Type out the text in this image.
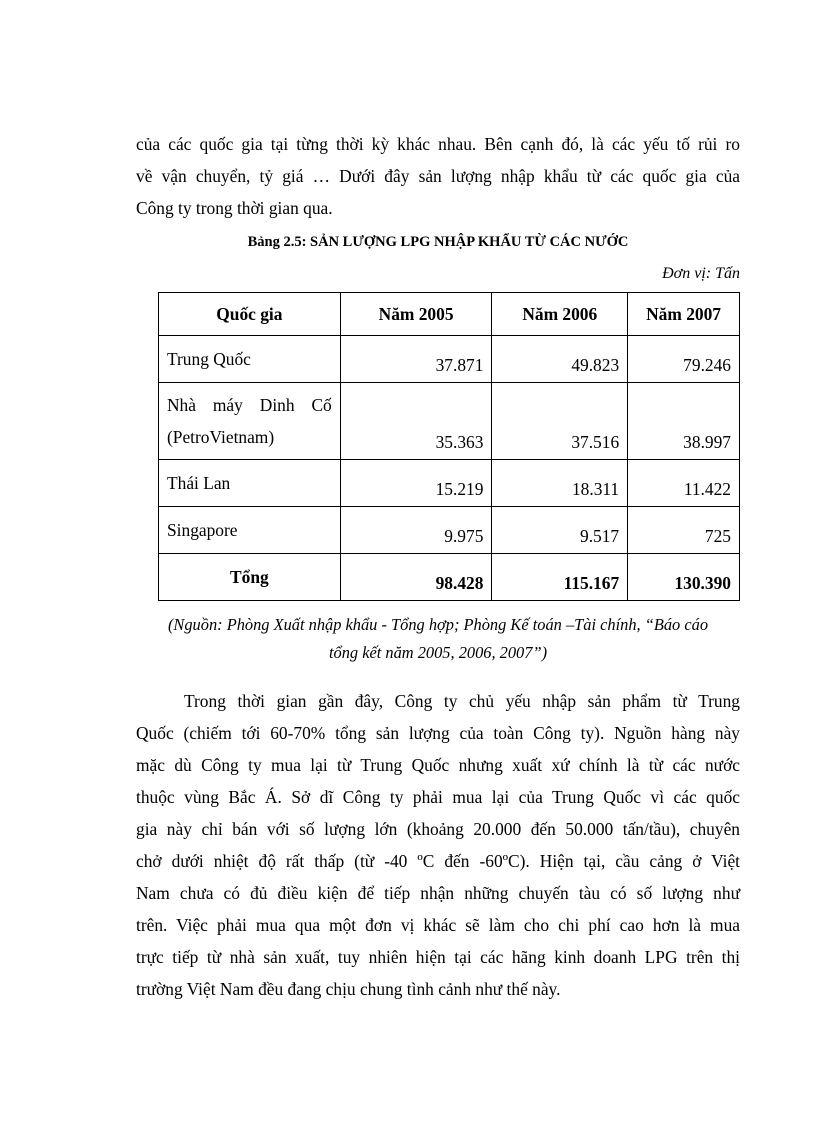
của các quốc gia tại từng thời kỳ khác nhau. Bên cạnh đó, là các yếu tố rủi ro
về vận chuyển, tỷ giá … Dưới đây sản lượng nhập khẩu từ các quốc gia của
Công ty trong thời gian qua.

Bảng 2.5: SẢN LƯỢNG LPG NHẬP KHẨU TỪ CÁC NƯỚC

Đơn vị: Tấn

Quốc gia	Năm 2005	Năm 2006	Năm 2007
Trung Quốc	37.871	49.823	79.246

Nhà máy Dinh Cố
(PetroVietnam)	35.363	37.516	38.997
Thái Lan	15.219	18.311	11.422
Singapore	9.975	9.517	725
Tổng	98.428	115.167	130.390
(Nguồn: Phòng Xuất nhập khẩu - Tổng hợp; Phòng Kế toán –Tài chính, “Báo cáo
tổng kết năm 2005, 2006, 2007”)

Trong thời gian gần đây, Công ty chủ yếu nhập sản phẩm từ Trung
Quốc (chiếm tới 60-70% tổng sản lượng của toàn Công ty). Nguồn hàng này
mặc dù Công ty mua lại từ Trung Quốc nhưng xuất xứ chính là từ các nước
thuộc vùng Bắc Á. Sở dĩ Công ty phải mua lại của Trung Quốc vì các quốc
gia này chỉ bán với số lượng lớn (khoảng 20.000 đến 50.000 tấn/tầu), chuyên
chở dưới nhiệt độ rất thấp (từ -40 ºC đến -60ºC). Hiện tại, cầu cảng ở Việt
Nam chưa có đủ điều kiện để tiếp nhận những chuyến tàu có số lượng như
trên. Việc phải mua qua một đơn vị khác sẽ làm cho chi phí cao hơn là mua
trực tiếp từ nhà sản xuất, tuy nhiên hiện tại các hãng kinh doanh LPG trên thị
trường Việt Nam đều đang chịu chung tình cảnh như thế này.
